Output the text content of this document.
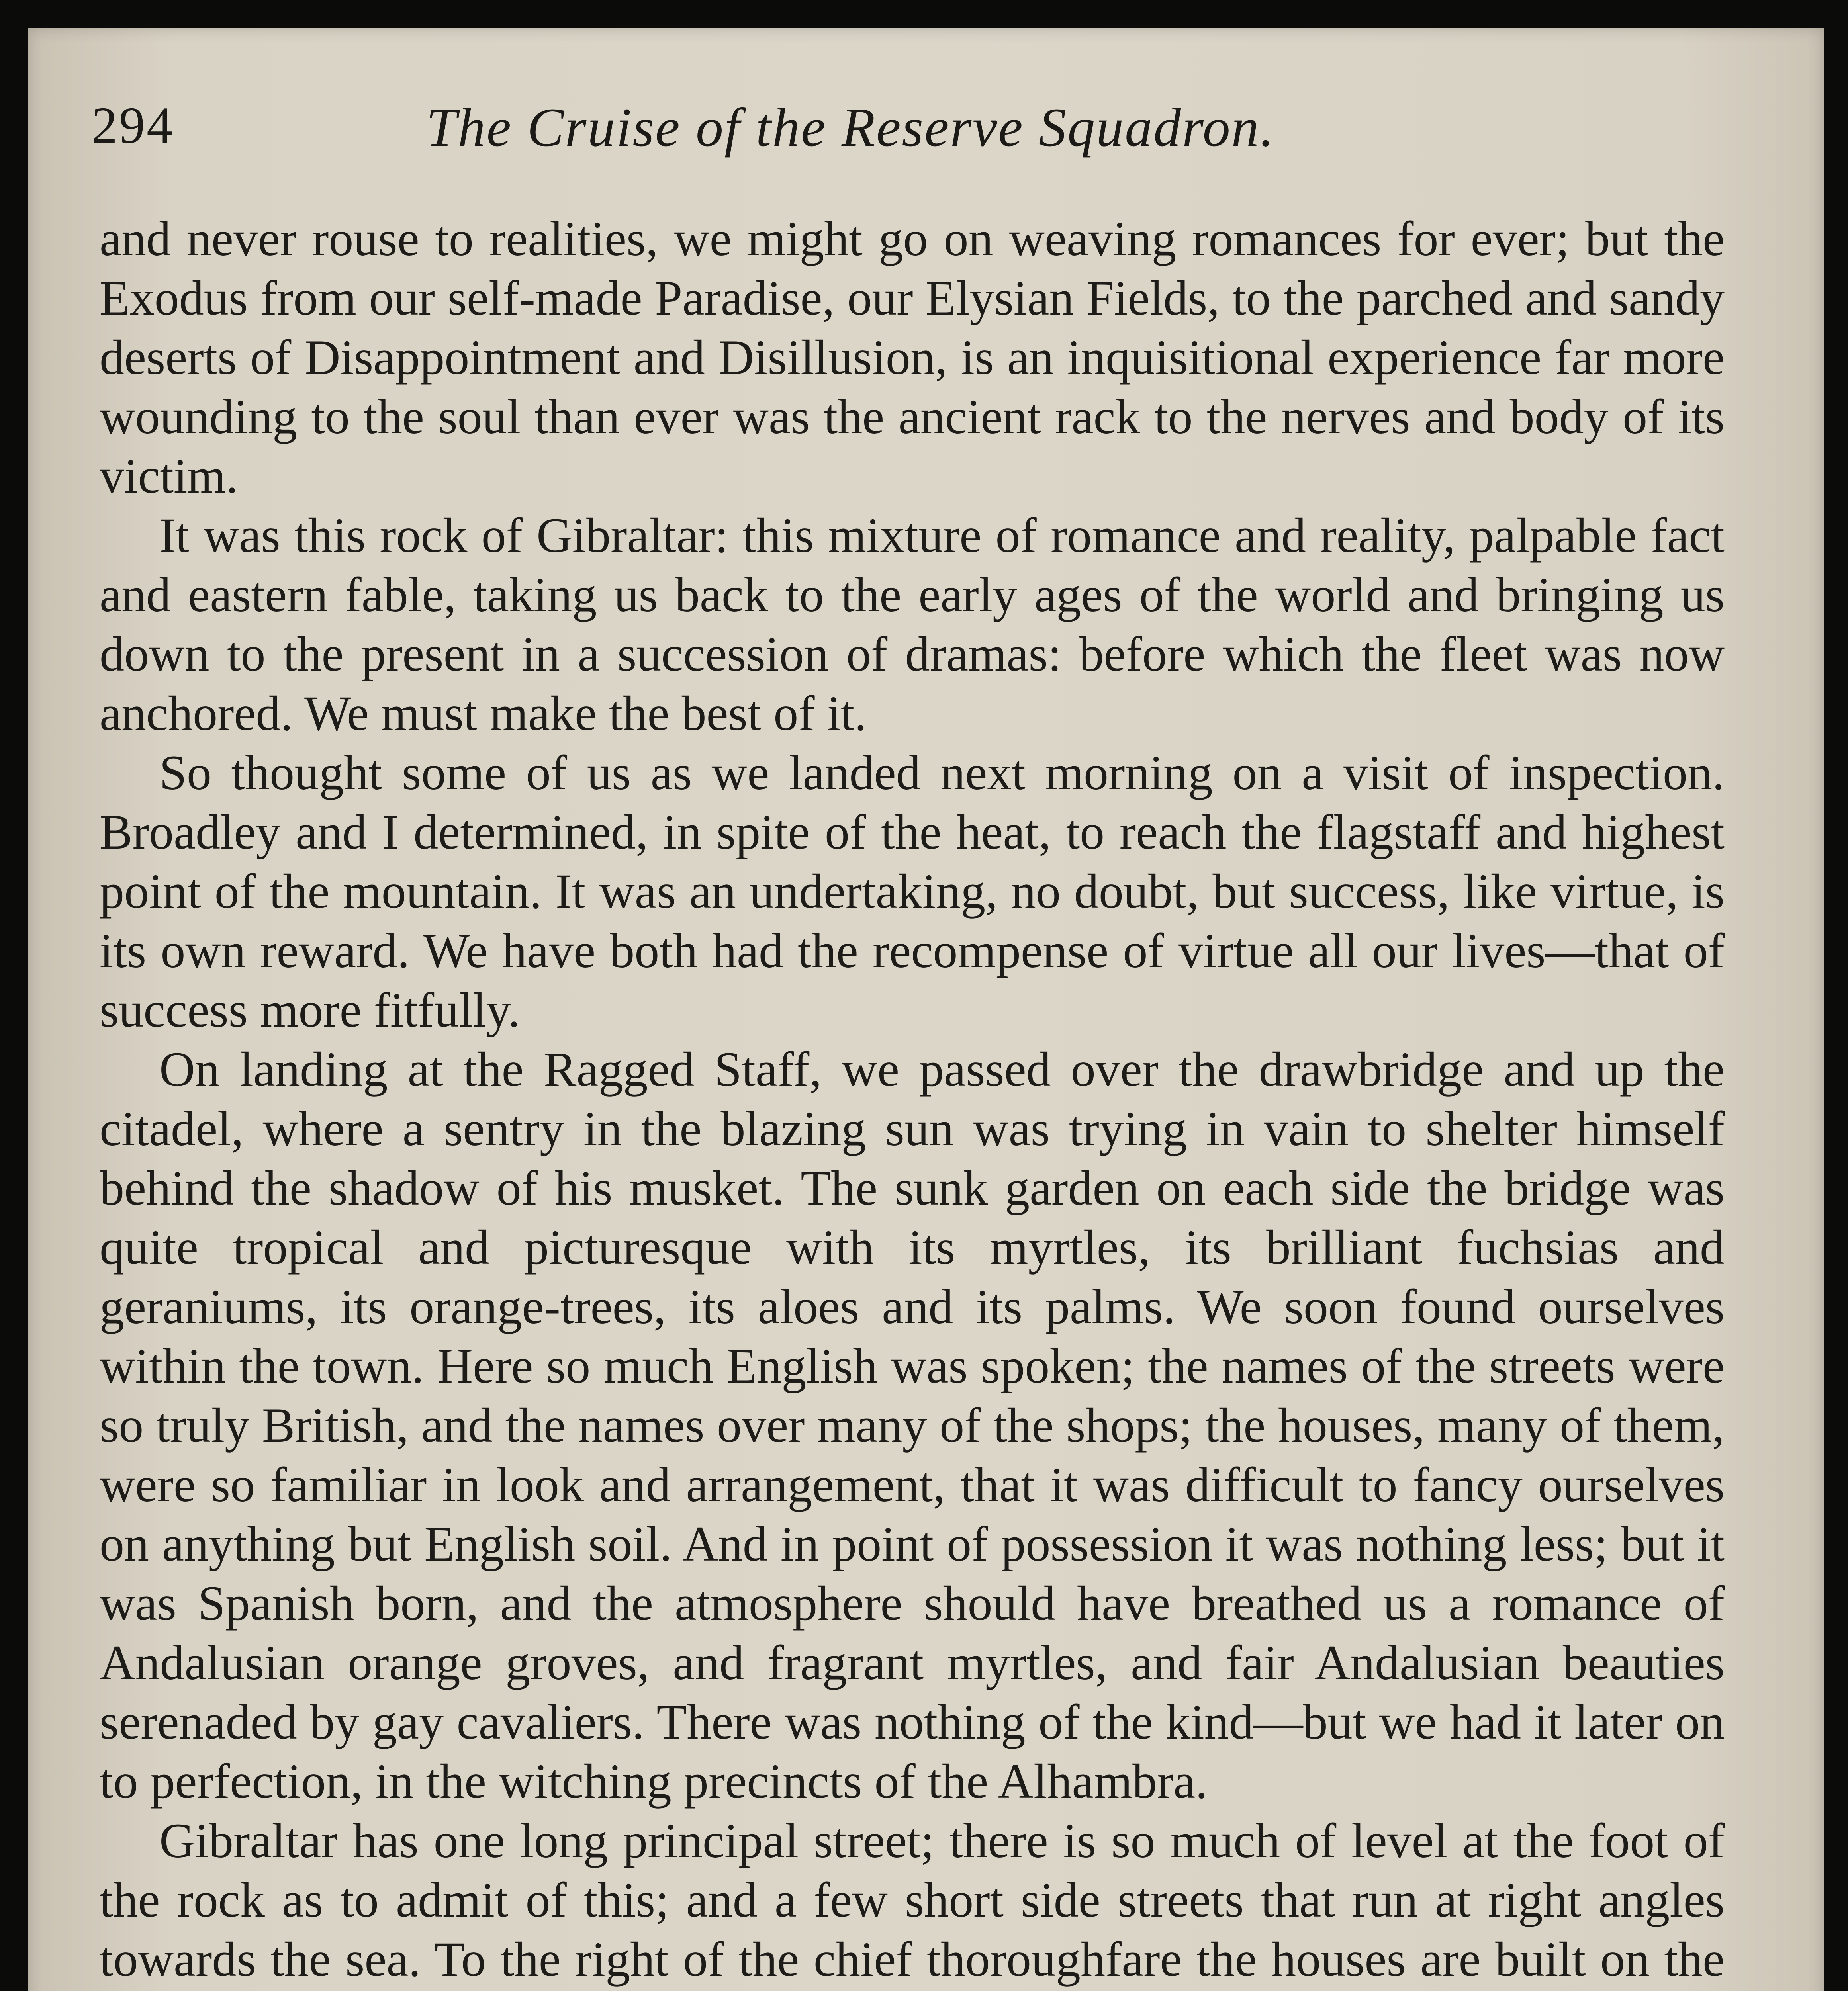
294	The Cruise of the Reserve Squadron.

and never rouse to realities, we might go on weaving romances for ever; but the Exodus from our self-made Paradise, our Elysian Fields, to the parched and sandy deserts of Disappointment and Disillusion, is an inquisitional experience far more wounding to the soul than ever was the ancient rack to the nerves and body of its victim.

It was this rock of Gibraltar: this mixture of romance and reality, palpable fact and eastern fable, taking us back to the early ages of the world and bringing us down to the present in a succession of dramas: before which the fleet was now anchored. We must make the best of it.

So thought some of us as we landed next morning on a visit of inspection. Broadley and I determined, in spite of the heat, to reach the flagstaff and highest point of the mountain. It was an undertaking, no doubt, but success, like virtue, is its own reward. We have both had the recompense of virtue all our lives—that of success more fitfully.

On landing at the Ragged Staff, we passed over the drawbridge and up the citadel, where a sentry in the blazing sun was trying in vain to shelter himself behind the shadow of his musket. The sunk garden on each side the bridge was quite tropical and picturesque with its myrtles, its brilliant fuchsias and geraniums, its orange-trees, its aloes and its palms. We soon found ourselves within the town. Here so much English was spoken; the names of the streets were so truly British, and the names over many of the shops; the houses, many of them, were so familiar in look and arrangement, that it was difficult to fancy ourselves on anything but English soil. And in point of possession it was nothing less; but it was Spanish born, and the atmosphere should have breathed us a romance of Andalusian orange groves, and fragrant myrtles, and fair Andalusian beauties serenaded by gay cavaliers. There was nothing of the kind—but we had it later on to perfection, in the witching precincts of the Alhambra.

Gibraltar has one long principal street; there is so much of level at the foot of the rock as to admit of this; and a few short side streets that run at right angles towards the sea. To the right of the chief thoroughfare the houses are built on the
